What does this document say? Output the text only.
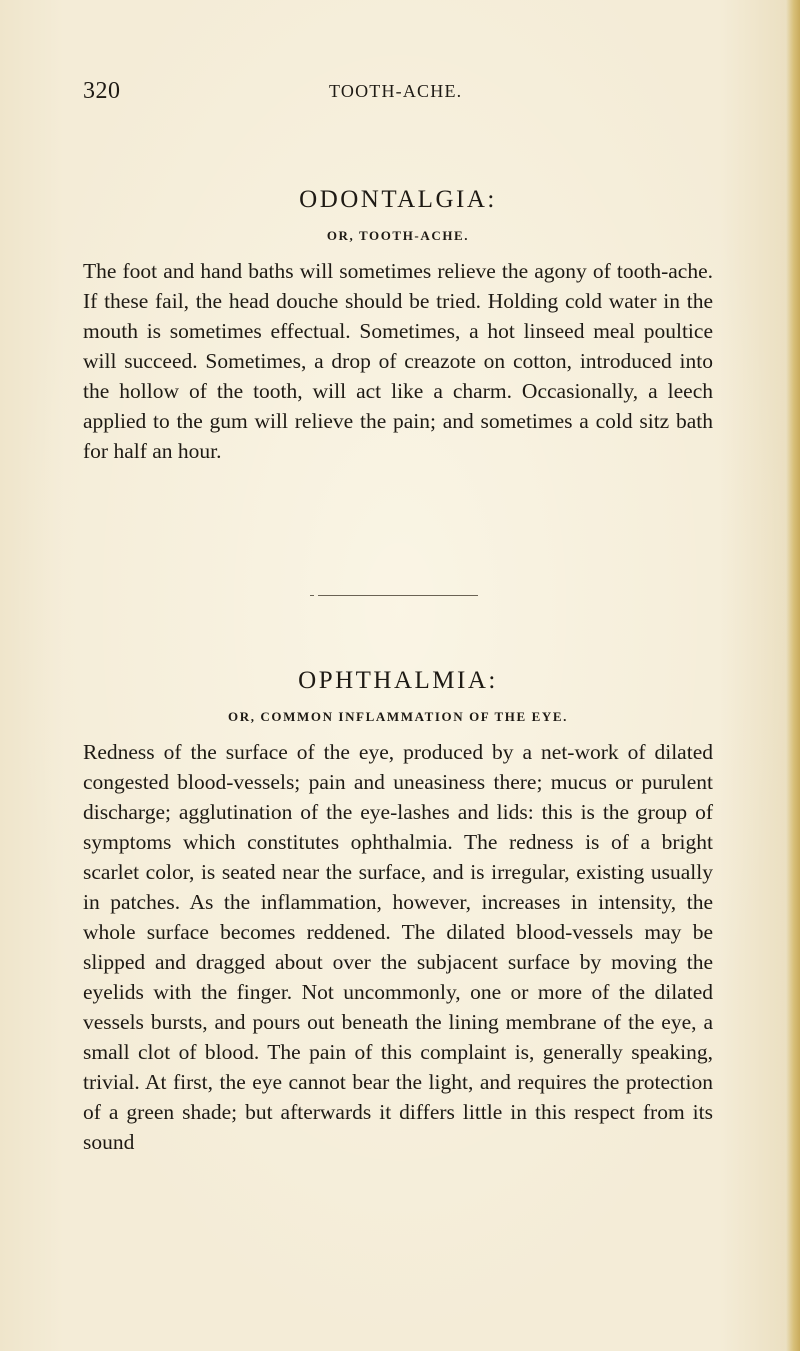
320	TOOTH-ACHE.
ODONTALGIA:
OR, TOOTH-ACHE.

The foot and hand baths will sometimes relieve the agony of tooth-ache. If these fail, the head douche should be tried. Holding cold water in the mouth is sometimes effectual. Sometimes, a hot linseed meal poultice will succeed. Sometimes, a drop of creazote on cotton, introduced into the hollow of the tooth, will act like a charm. Occasionally, a leech applied to the gum will relieve the pain; and sometimes a cold sitz bath for half an hour.

OPHTHALMIA:
OR, COMMON INFLAMMATION OF THE EYE.

Redness of the surface of the eye, produced by a net-work of dilated congested blood-vessels; pain and uneasiness there; mucus or purulent discharge; agglutination of the eye-lashes and lids: this is the group of symptoms which constitutes ophthalmia. The redness is of a bright scarlet color, is seated near the surface, and is irregular, existing usually in patches. As the inflammation, however, increases in intensity, the whole surface becomes reddened. The dilated blood-vessels may be slipped and dragged about over the subjacent surface by moving the eyelids with the finger. Not uncommonly, one or more of the dilated vessels bursts, and pours out beneath the lining membrane of the eye, a small clot of blood. The pain of this complaint is, generally speaking, trivial. At first, the eye cannot bear the light, and requires the protection of a green shade; but afterwards it differs little in this respect from its sound
